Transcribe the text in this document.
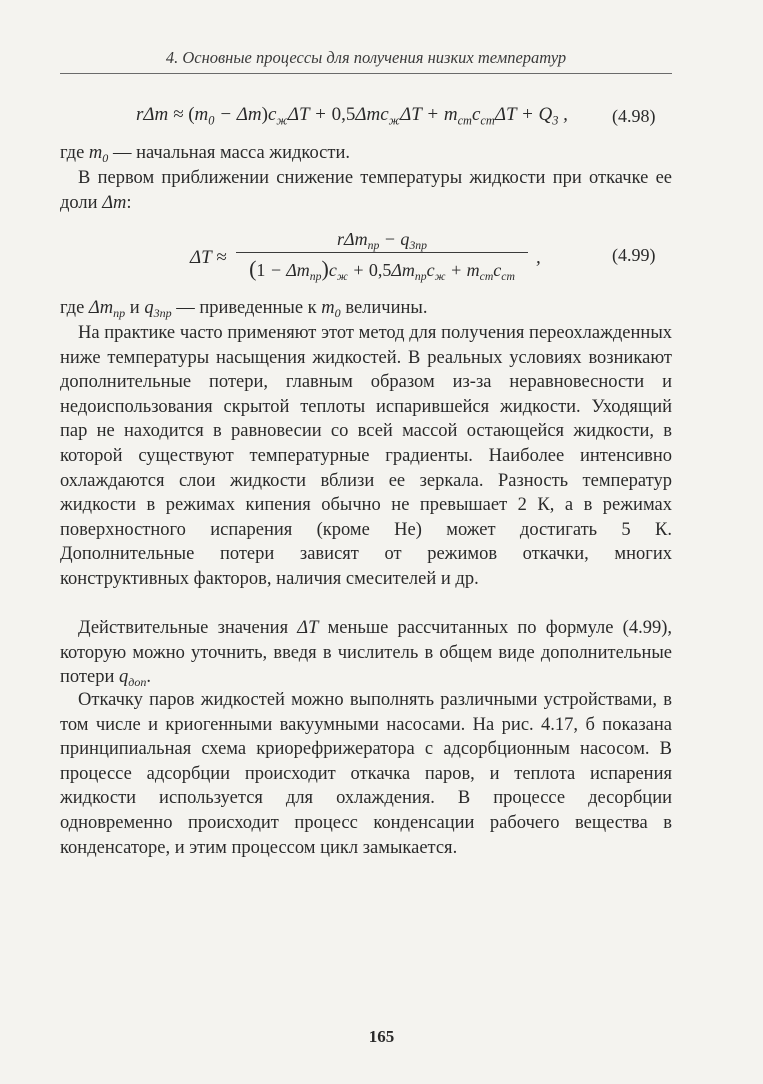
4. Основные процессы для получения низких температур
$r\Delta m \approx (m_0 - \Delta m)c_ж\Delta T + 0,5\Delta mc_ж\Delta T + m_{ст}c_{ст}\Delta T + Q_3$ , (4.98)

где $m_0$ — начальная масса жидкости.

В первом приближении снижение температуры жидкости при откачке ее доли Δm:

ΔT ≈
$r\Delta m_{пр} - q_{3пр}$
$(1 - \Delta m_{пр})c_ж + 0,5\Delta m_{пр}c_ж + m_{ст}c_{ст}$
,	(4.99)

где $\Delta m_{пр}$ и $q_{3пр}$ — приведенные к $m_0$ величины.

На практике часто применяют этот метод для получения переохлажденных ниже температуры насыщения жидкостей. В реальных условиях возникают дополнительные потери, главным образом из-за неравновесности и недоиспользования скрытой теплоты испарившейся жидкости. Уходящий пар не находится в равновесии со всей массой остающейся жидкости, в которой существуют температурные градиенты. Наиболее интенсивно охлаждаются слои жидкости вблизи ее зеркала. Разность температур жидкости в режимах кипения обычно не превышает 2 К, а в режимах поверхностного испарения (кроме He) может достигать 5 К. Дополнительные потери зависят от режимов откачки, многих конструктивных факторов, наличия смесителей и др.

Действительные значения ΔT меньше рассчитанных по формуле (4.99), которую можно уточнить, введя в числитель в общем виде дополнительные потери $q_{доп}$.

Откачку паров жидкостей можно выполнять различными устройствами, в том числе и криогенными вакуумными насосами. На рис. 4.17, б показана принципиальная схема криорефрижератора с адсорбционным насосом. В процессе адсорбции происходит откачка паров, и теплота испарения жидкости используется для охлаждения. В процессе десорбции одновременно происходит процесс конденсации рабочего вещества в конденсаторе, и этим процессом цикл замыкается.

165
